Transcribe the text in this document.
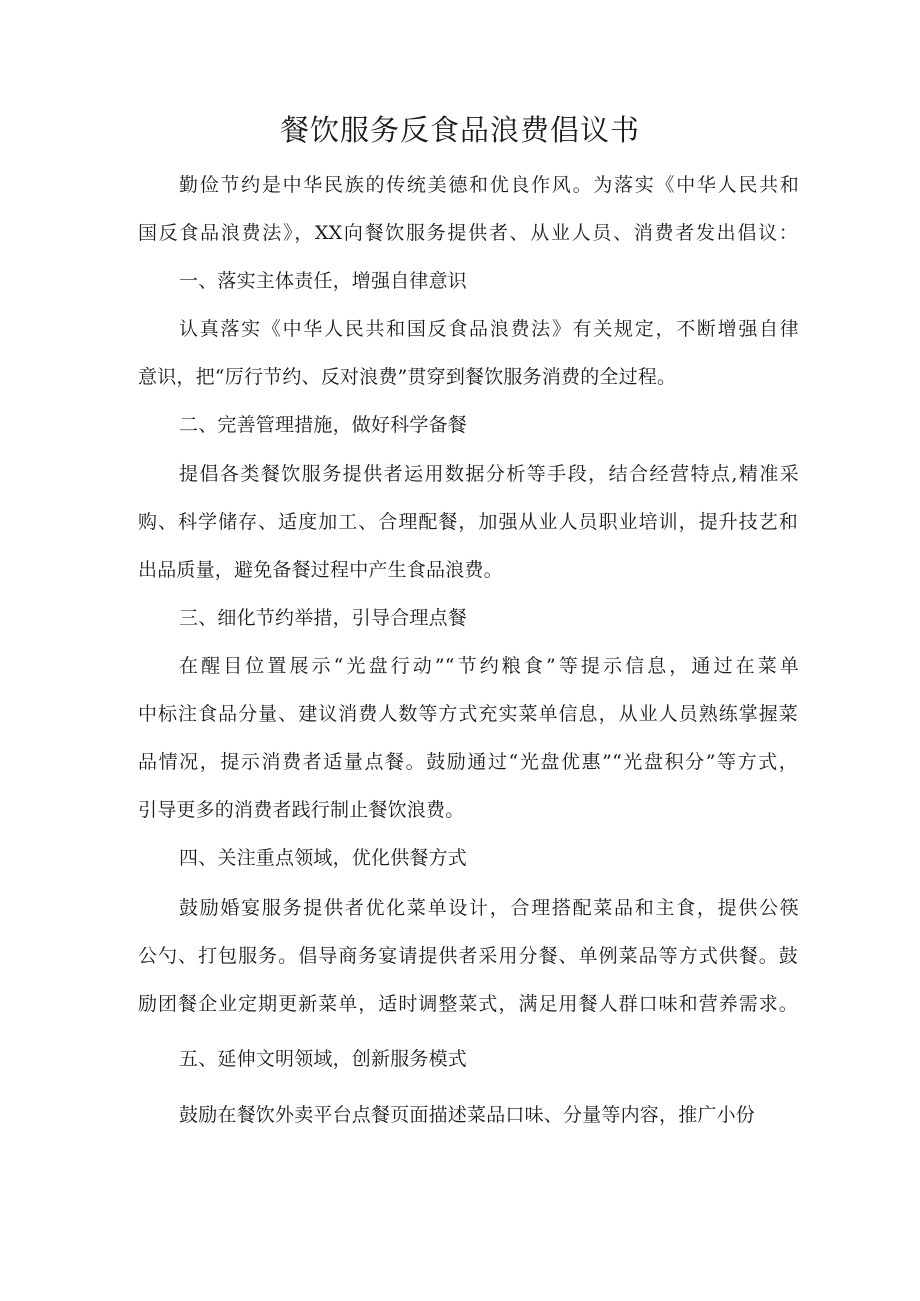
餐饮服务反食品浪费倡议书

勤俭节约是中华民族的传统美德和优良作风。为落实《中华人民共和

国反食品浪费法》，XX向餐饮服务提供者、从业人员、消费者发出倡议：

一、落实主体责任，增强自律意识

认真落实《中华人民共和国反食品浪费法》有关规定，不断增强自律

意识，把“厉行节约、反对浪费”贯穿到餐饮服务消费的全过程。

二、完善管理措施，做好科学备餐

提倡各类餐饮服务提供者运用数据分析等手段，结合经营特点,精准采

购、科学储存、适度加工、合理配餐，加强从业人员职业培训，提升技艺和

出品质量，避免备餐过程中产生食品浪费。

三、细化节约举措，引导合理点餐

在醒目位置展示“光盘行动”“节约粮食”等提示信息，通过在菜单

中标注食品分量、建议消费人数等方式充实菜单信息，从业人员熟练掌握菜

品情况，提示消费者适量点餐。鼓励通过“光盘优惠”“光盘积分”等方式，

引导更多的消费者践行制止餐饮浪费。

四、关注重点领域，优化供餐方式

鼓励婚宴服务提供者优化菜单设计，合理搭配菜品和主食，提供公筷

公勺、打包服务。倡导商务宴请提供者采用分餐、单例菜品等方式供餐。鼓

励团餐企业定期更新菜单，适时调整菜式，满足用餐人群口味和营养需求。

五、延伸文明领域，创新服务模式

鼓励在餐饮外卖平台点餐页面描述菜品口味、分量等内容，推广小份
